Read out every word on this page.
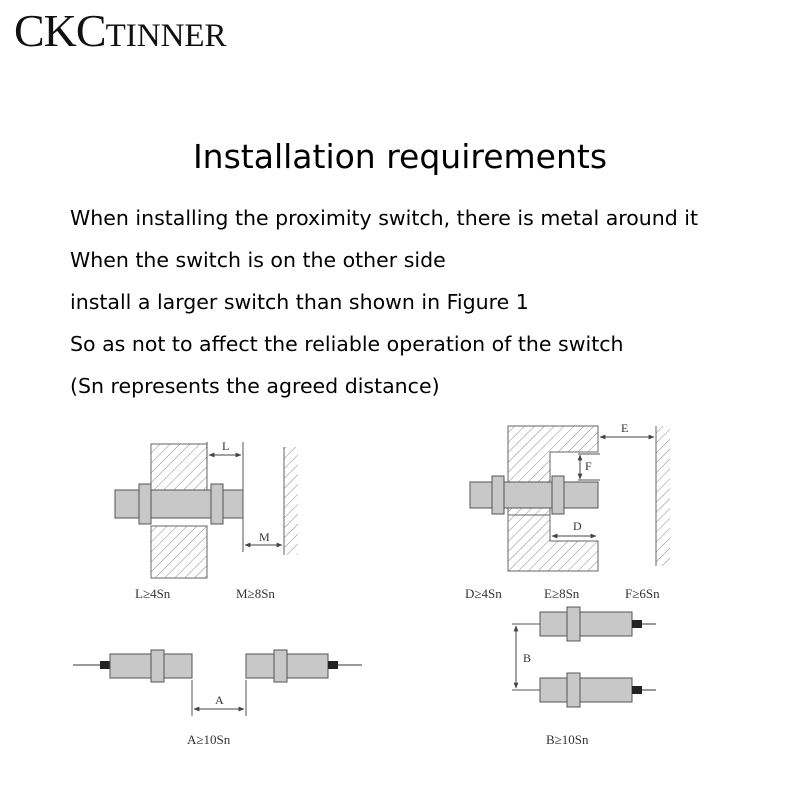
CKCTINNER
Installation requirements
When installing the proximity switch, there is metal around it
When the switch is on the other side
install a larger switch than shown in Figure 1
So as not to affect the reliable operation of the switch
(Sn represents the agreed distance)
L
M
L≥4Sn	M≥8Sn
E
F
D
D≥4Sn	E≥8Sn	F≥6Sn
A
A≥10Sn
B
B≥10Sn
